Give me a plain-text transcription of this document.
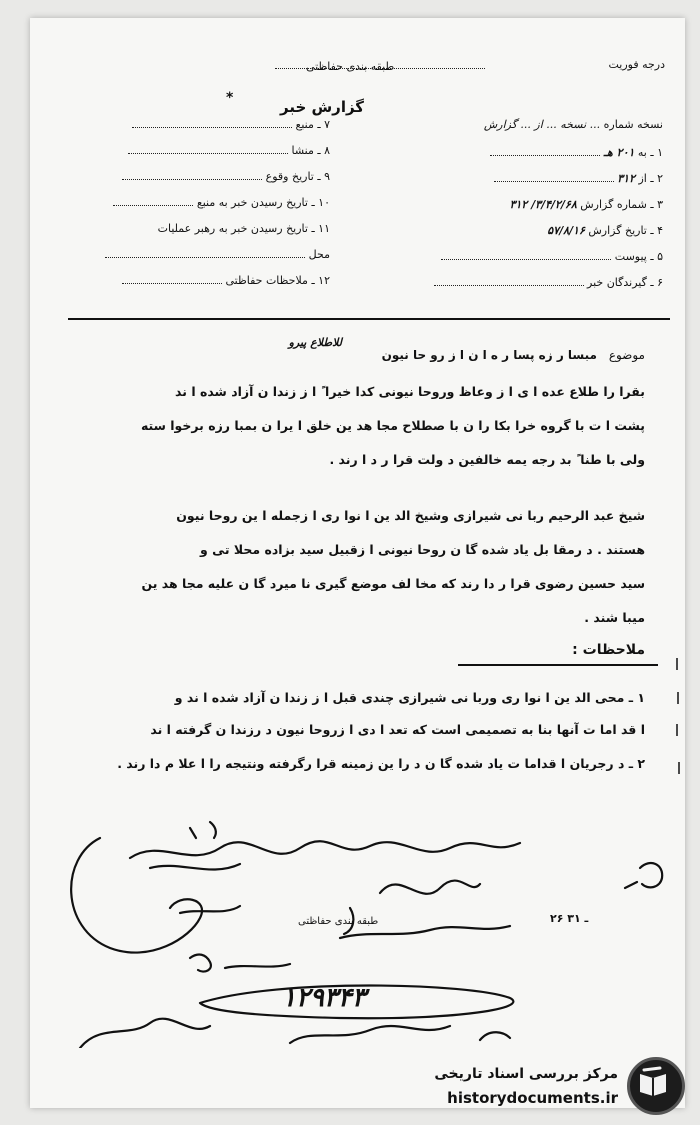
درجه فوریت
طبقه بندی حفاظتی
*	گزارش خبر
نسخه شماره ... نسخه ... از ... گزارش
۱ ـ به ۲۰۱ هـ
۲ ـ از ۳۱۲
۳ ـ شماره گزارش ۳/۴/۲/۶۸/ ۳۱۲
۴ ـ تاریخ گزارش ۵۷/۸/۱۶
۵ ـ پیوست
۶ ـ گیرندگان خبر
۷ ـ منبع
۸ ـ منشا
۹ ـ تاریخ وقوع
۱۰ ـ تاریخ رسیدن خبر به منبع
۱۱ ـ تاریخ رسیدن خبر به رهبر عملیات
محل
۱۲ ـ ملاحظات حفاظتی
موضوع مبسا ر زه پسا ر ه ا ن ا ز رو حا نیون
للاطلاع پیرو
بقرا را طلاع عده ا ی ا ز وعاظ وروحا نیونی کدا خیرا ً ا ز زندا ن آزاد شده ا ند
پشت ا ت با گروه خرا بکا را ن با صطلاح مجا هد ین خلق ا یرا ن بمبا رزه برخوا سته
ولی با طنا ً بد رجه یمه خالفین د ولت قرا ر د ا رند .
شیخ عبد الرحیم ربا نی شیرازی وشیخ الد ین ا نوا ری ا زجمله ا ین روحا نیون
هستند . د رمقا بل یاد شده گا ن روحا نیونی ا زقبیل سید بزاده محلا تی و
سید حسین رضوی قرا ر دا رند که مخا لف موضع گیری نا میرد گا ن علیه مجا هد ین
میبا شند .
ملاحظات :
۱ ـ محی الد ین ا نوا ری وربا نی شیرازی چندی قبل ا ز زندا ن آزاد شده ا ند و
ا قد اما ت آنها بنا به تصمیمی است که تعد ا دی ا زروحا نیون د رزندا ن گرفته ا ند
۲ ـ د رجریان ا قداما ت یاد شده گا ن د را ین زمینه قرا رگرفته ونتیجه را ا علا م دا رند .
طبقه بندی حفاظتی	۲۶ ـ ۳۱
۱۲۹۳۴۳
مرکز بررسی اسناد تاریخی
historydocuments.ir
